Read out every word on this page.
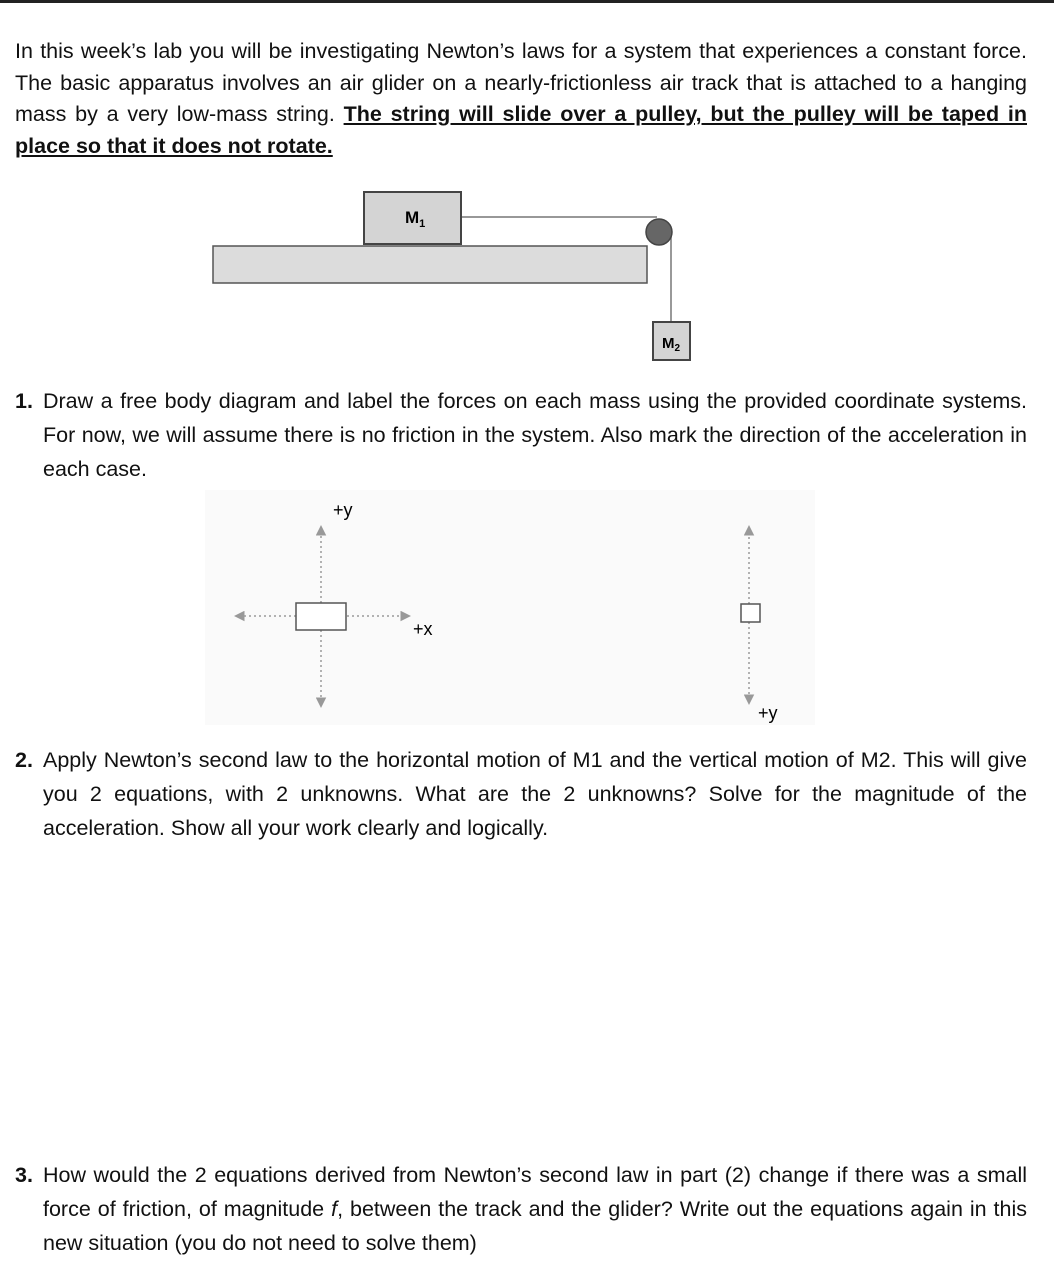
In this week’s lab you will be investigating Newton’s laws for a system that experiences a constant force. The basic apparatus involves an air glider on a nearly-frictionless air track that is attached to a hanging mass by a very low-mass string. The string will slide over a pulley, but the pulley will be taped in place so that it does not rotate.

$M_1$
$M_2$
1. Draw a free body diagram and label the forces on each mass using the provided coordinate systems. For now, we will assume there is no friction in the system. Also mark the direction of the acceleration in each case.
+y
+x
+y
2. Apply Newton’s second law to the horizontal motion of M1 and the vertical motion of M2. This will give you 2 equations, with 2 unknowns. What are the 2 unknowns? Solve for the magnitude of the acceleration. Show all your work clearly and logically.
3. How would the 2 equations derived from Newton’s second law in part (2) change if there was a small force of friction, of magnitude f, between the track and the glider? Write out the equations again in this new situation (you do not need to solve them)
